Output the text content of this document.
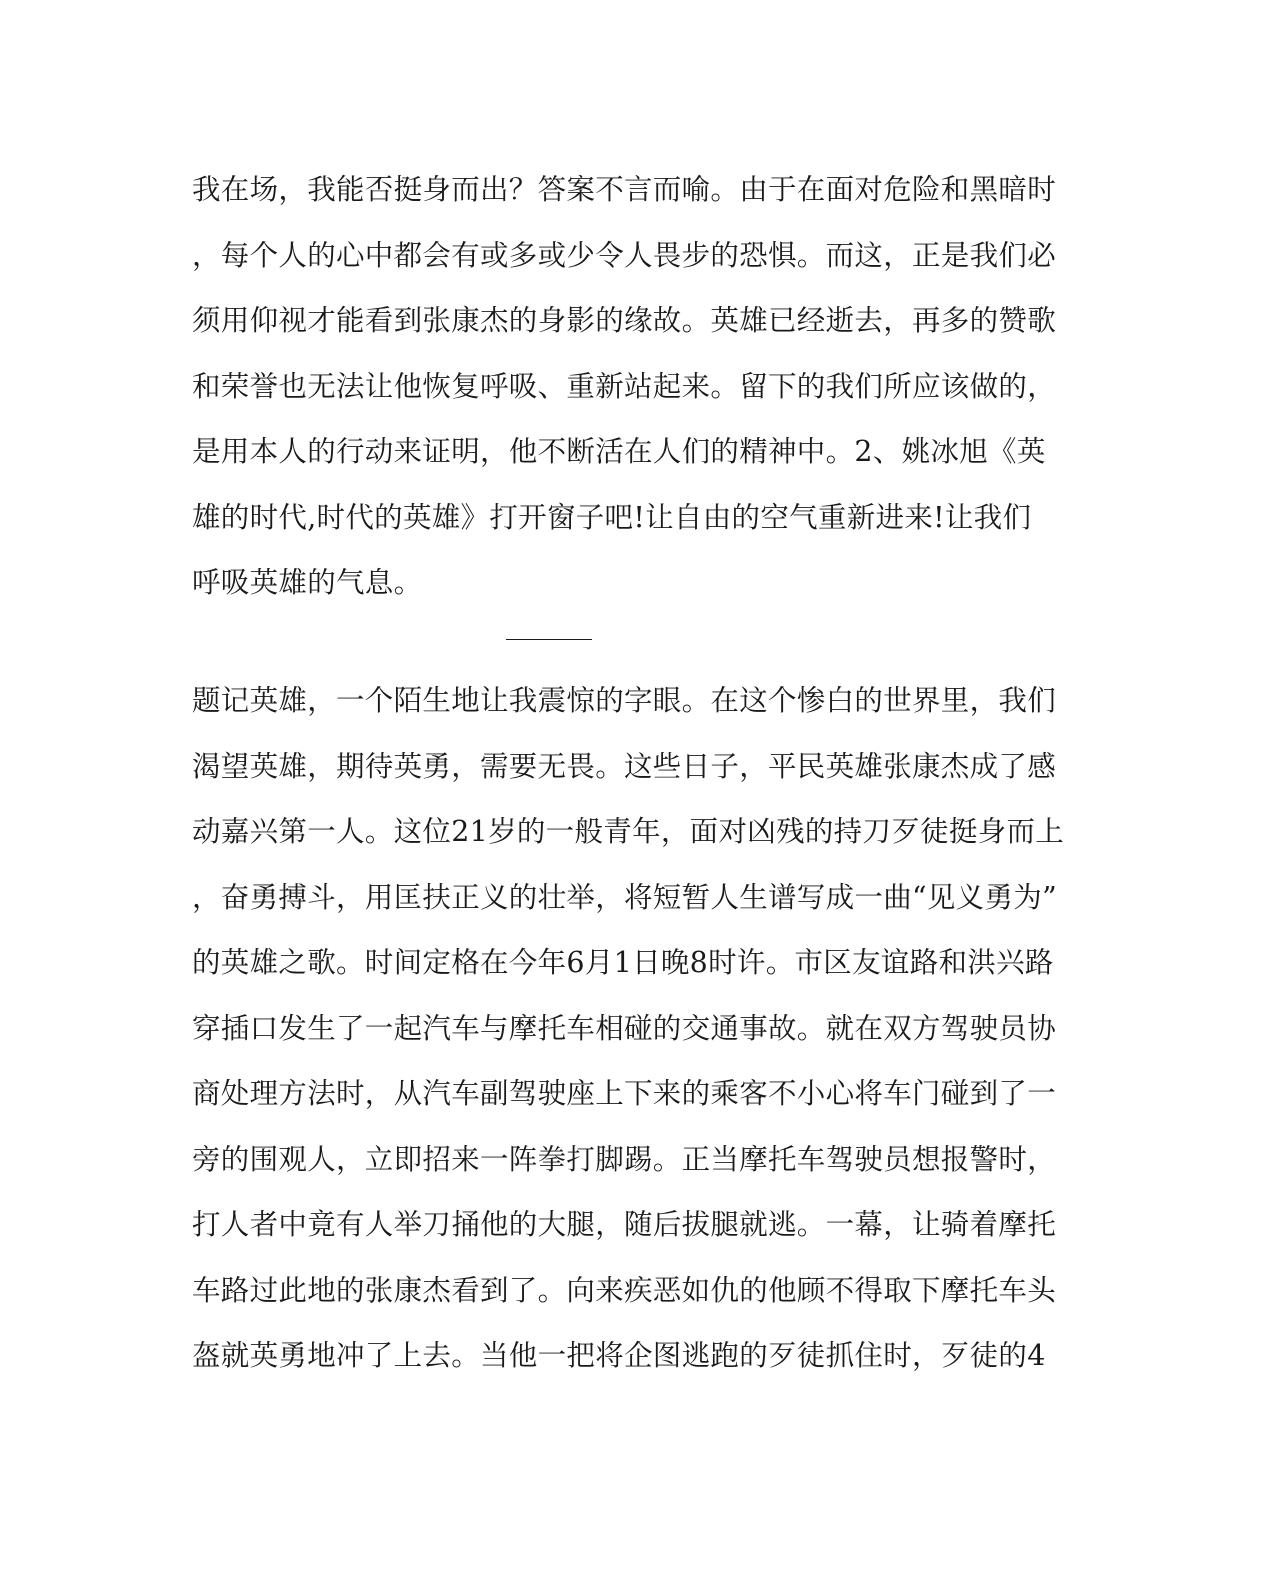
我在场，我能否挺身而出？答案不言而喻。由于在面对危险和黑暗时
，每个人的心中都会有或多或少令人畏步的恐惧。而这，正是我们必
须用仰视才能看到张康杰的身影的缘故。英雄已经逝去，再多的赞歌
和荣誉也无法让他恢复呼吸、重新站起来。留下的我们所应该做的，
是用本人的行动来证明，他不断活在人们的精神中。2、姚冰旭《英
雄的时代,时代的英雄》打开窗子吧!让自由的空气重新进来!让我们
呼吸英雄的气息。
题记英雄，一个陌生地让我震惊的字眼。在这个惨白的世界里，我们
渴望英雄，期待英勇，需要无畏。这些日子，平民英雄张康杰成了感
动嘉兴第一人。这位21岁的一般青年，面对凶残的持刀歹徒挺身而上
，奋勇搏斗，用匡扶正义的壮举，将短暂人生谱写成一曲“见义勇为”
的英雄之歌。时间定格在今年6月1日晚8时许。市区友谊路和洪兴路
穿插口发生了一起汽车与摩托车相碰的交通事故。就在双方驾驶员协
商处理方法时，从汽车副驾驶座上下来的乘客不小心将车门碰到了一
旁的围观人，立即招来一阵拳打脚踢。正当摩托车驾驶员想报警时，
打人者中竟有人举刀捅他的大腿，随后拔腿就逃。一幕，让骑着摩托
车路过此地的张康杰看到了。向来疾恶如仇的他顾不得取下摩托车头
盔就英勇地冲了上去。当他一把将企图逃跑的歹徒抓住时，歹徒的4
